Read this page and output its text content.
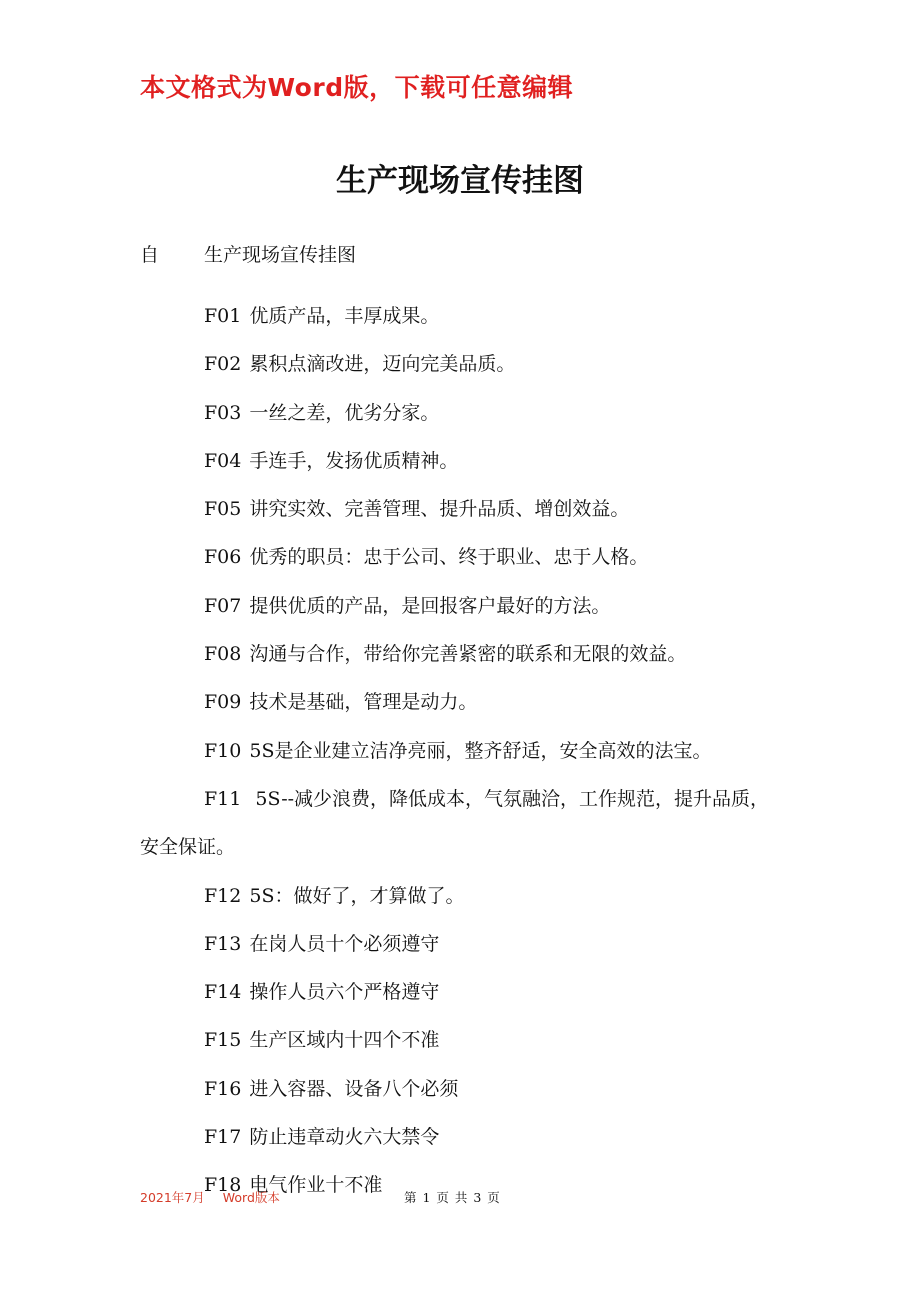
本文格式为Word版，下载可任意编辑
生产现场宣传挂图
自 生产现场宣传挂图

F01 优质产品，丰厚成果。

F02 累积点滴改进，迈向完美品质。

F03 一丝之差，优劣分家。

F04 手连手，发扬优质精神。

F05 讲究实效、完善管理、提升品质、增创效益。

F06 优秀的职员：忠于公司、终于职业、忠于人格。

F07 提供优质的产品，是回报客户最好的方法。

F08 沟通与合作，带给你完善紧密的联系和无限的效益。

F09 技术是基础，管理是动力。

F10 5S是企业建立洁净亮丽，整齐舒适，安全高效的法宝。

F11 5S--减少浪费，降低成本，气氛融洽，工作规范，提升品质，安全保证。

F12 5S：做好了，才算做了。

F13 在岗人员十个必须遵守

F14 操作人员六个严格遵守

F15 生产区域内十四个不准

F16 进入容器、设备八个必须

F17 防止违章动火六大禁令

F18 电气作业十不准

2021年7月 Word版本	第 1 页 共 3 页
